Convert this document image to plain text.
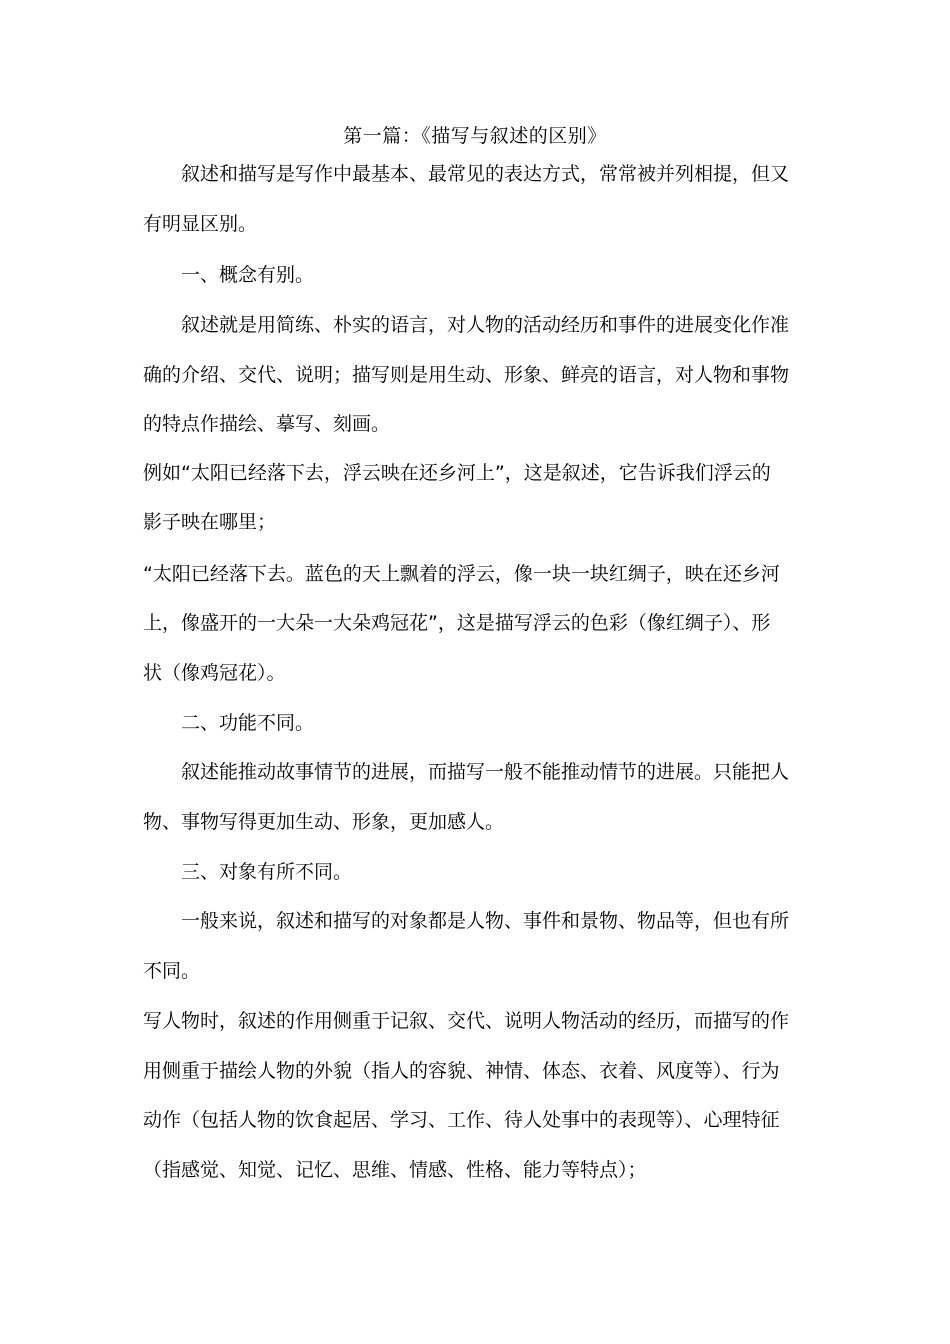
第一篇：《描写与叙述的区别》
叙述和描写是写作中最基本、最常见的表达方式，常常被并列相提，但又
有明显区别。
一、概念有别。
叙述就是用简练、朴实的语言，对人物的活动经历和事件的进展变化作准
确的介绍、交代、说明；描写则是用生动、形象、鲜亮的语言，对人物和事物
的特点作描绘、摹写、刻画。
例如“太阳已经落下去，浮云映在还乡河上”，这是叙述，它告诉我们浮云的
影子映在哪里；
“太阳已经落下去。蓝色的天上飘着的浮云，像一块一块红绸子，映在还乡河
上，像盛开的一大朵一大朵鸡冠花”，这是描写浮云的色彩（像红绸子）、形
状（像鸡冠花）。
二、功能不同。
叙述能推动故事情节的进展，而描写一般不能推动情节的进展。只能把人
物、事物写得更加生动、形象，更加感人。
三、对象有所不同。
一般来说，叙述和描写的对象都是人物、事件和景物、物品等，但也有所
不同。
写人物时，叙述的作用侧重于记叙、交代、说明人物活动的经历，而描写的作
用侧重于描绘人物的外貌（指人的容貌、神情、体态、衣着、风度等）、行为
动作（包括人物的饮食起居、学习、工作、待人处事中的表现等）、心理特征
（指感觉、知觉、记忆、思维、情感、性格、能力等特点）；
